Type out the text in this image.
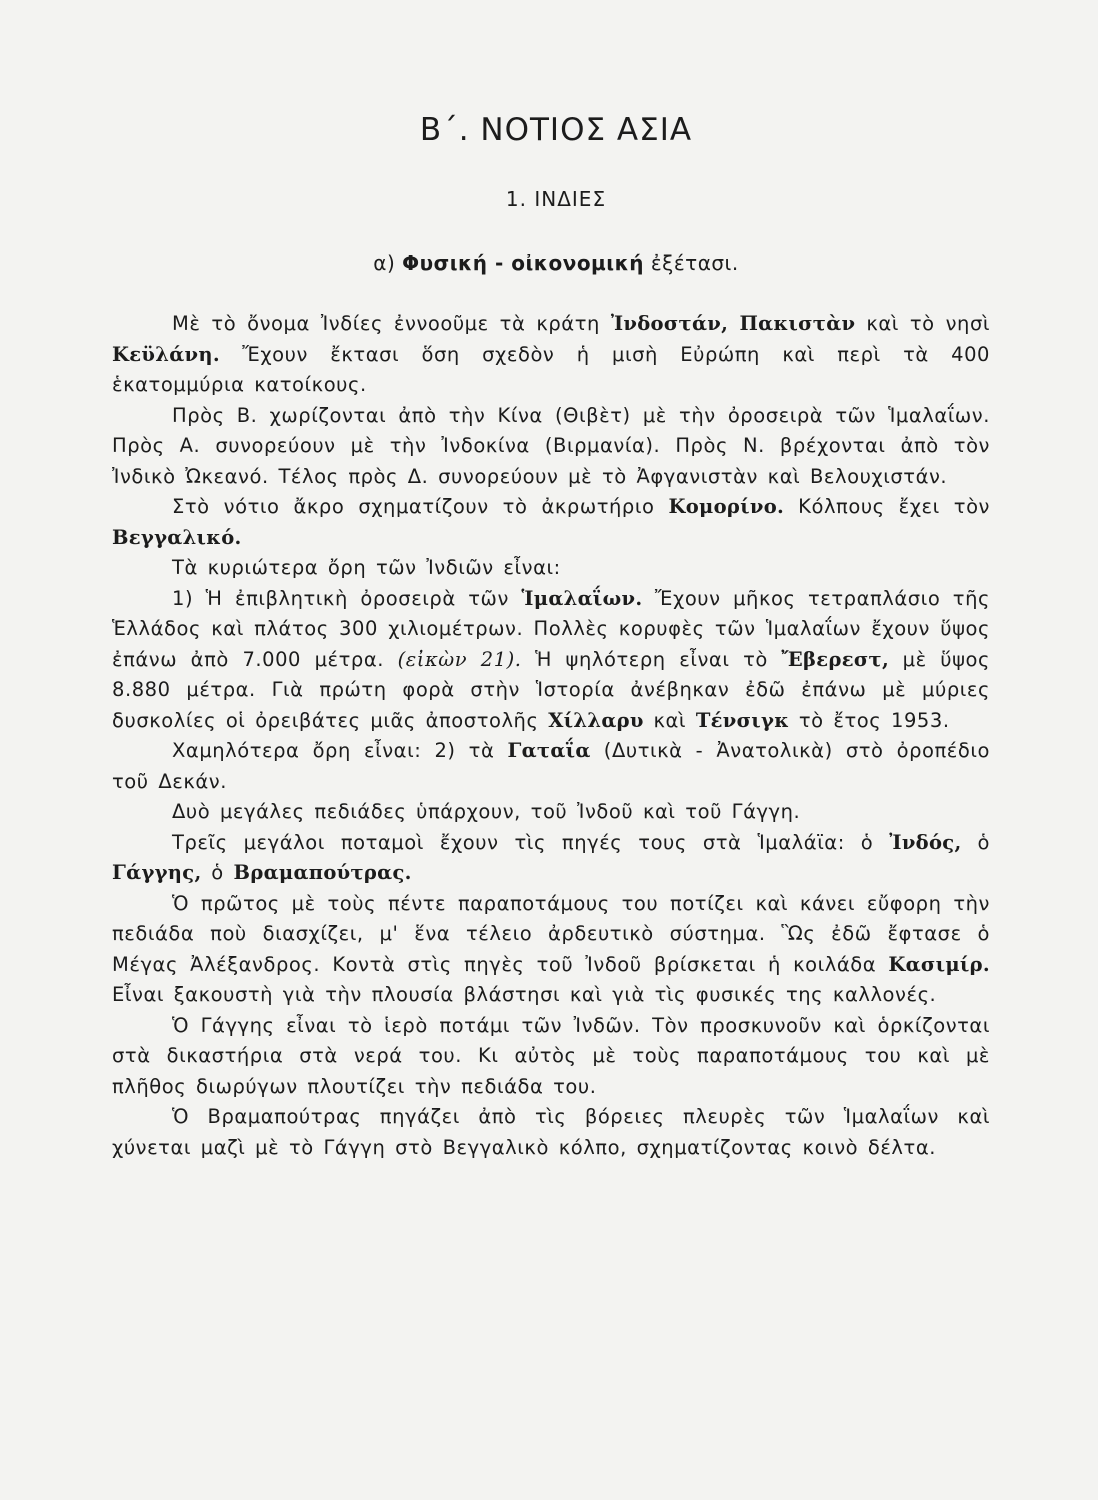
Β΄. ΝΟΤΙΟΣ ΑΣΙΑ
1. ΙΝΔΙΕΣ
α) Φυσική - οἰκονομική ἐξέτασι.

Μὲ τὸ ὄνομα Ἰνδίες ἐννοοῦμε τὰ κράτη Ἰνδοστάν, Πακιστὰν καὶ τὸ νησὶ Κεϋλάνη. Ἔχουν ἔκτασι ὅση σχεδὸν ἡ μισὴ Εὐρώπη καὶ περὶ τὰ 400 ἑκατομμύρια κατοίκους.

Πρὸς Β. χωρίζονται ἀπὸ τὴν Κίνα (Θιβὲτ) μὲ τὴν ὀροσειρὰ τῶν Ἱμαλαΐων. Πρὸς Α. συνορεύουν μὲ τὴν Ἰνδοκίνα (Βιρμανία). Πρὸς Ν. βρέχονται ἀπὸ τὸν Ἰνδικὸ Ὠκεανό. Τέλος πρὸς Δ. συνορεύουν μὲ τὸ Ἀφγανιστὰν καὶ Βελουχιστάν.

Στὸ νότιο ἄκρο σχηματίζουν τὸ ἀκρωτήριο Κομορίνο. Κόλπους ἔχει τὸν Βεγγαλικό.

Τὰ κυριώτερα ὄρη τῶν Ἰνδιῶν εἶναι:

1) Ἡ ἐπιβλητικὴ ὀροσειρὰ τῶν Ἱμαλαΐων. Ἔχουν μῆκος τετραπλάσιο τῆς Ἑλλάδος καὶ πλάτος 300 χιλιομέτρων. Πολλὲς κορυφὲς τῶν Ἱμαλαΐων ἔχουν ὕψος ἐπάνω ἀπὸ 7.000 μέτρα. (εἰκὼν 21). Ἡ ψηλότερη εἶναι τὸ Ἔβερεστ, μὲ ὕψος 8.880 μέτρα. Γιὰ πρώτη φορὰ στὴν Ἱστορία ἀνέβηκαν ἐδῶ ἐπάνω μὲ μύριες δυσκολίες οἱ ὀρειβάτες μιᾶς ἀποστολῆς Χίλλαρυ καὶ Τένσιγκ τὸ ἔτος 1953.

Χαμηλότερα ὄρη εἶναι: 2) τὰ Γαταΐα (Δυτικὰ - Ἀνατολικὰ) στὸ ὀροπέδιο τοῦ Δεκάν.

Δυὸ μεγάλες πεδιάδες ὑπάρχουν, τοῦ Ἰνδοῦ καὶ τοῦ Γάγγη.

Τρεῖς μεγάλοι ποταμοὶ ἔχουν τὶς πηγές τους στὰ Ἱμαλάϊα: ὁ Ἰνδός, ὁ Γάγγης, ὁ Βραμαπούτρας.

Ὁ πρῶτος μὲ τοὺς πέντε παραποτάμους του ποτίζει καὶ κάνει εὔφορη τὴν πεδιάδα ποὺ διασχίζει, μ' ἕνα τέλειο ἀρδευτικὸ σύστημα. Ὣς ἐδῶ ἔφτασε ὁ Μέγας Ἀλέξανδρος. Κοντὰ στὶς πηγὲς τοῦ Ἰνδοῦ βρίσκεται ἡ κοιλάδα Κασιμίρ. Εἶναι ξακουστὴ γιὰ τὴν πλουσία βλάστησι καὶ γιὰ τὶς φυσικές της καλλονές.

Ὁ Γάγγης εἶναι τὸ ἱερὸ ποτάμι τῶν Ἰνδῶν. Τὸν προσκυνοῦν καὶ ὁρκίζονται στὰ δικαστήρια στὰ νερά του. Κι αὐτὸς μὲ τοὺς παραποτάμους του καὶ μὲ πλῆθος διωρύγων πλουτίζει τὴν πεδιάδα του.

Ὁ Βραμαπούτρας πηγάζει ἀπὸ τὶς βόρειες πλευρὲς τῶν Ἱμαλαΐων καὶ χύνεται μαζὶ μὲ τὸ Γάγγη στὸ Βεγγαλικὸ κόλπο, σχηματίζοντας κοινὸ δέλτα.
